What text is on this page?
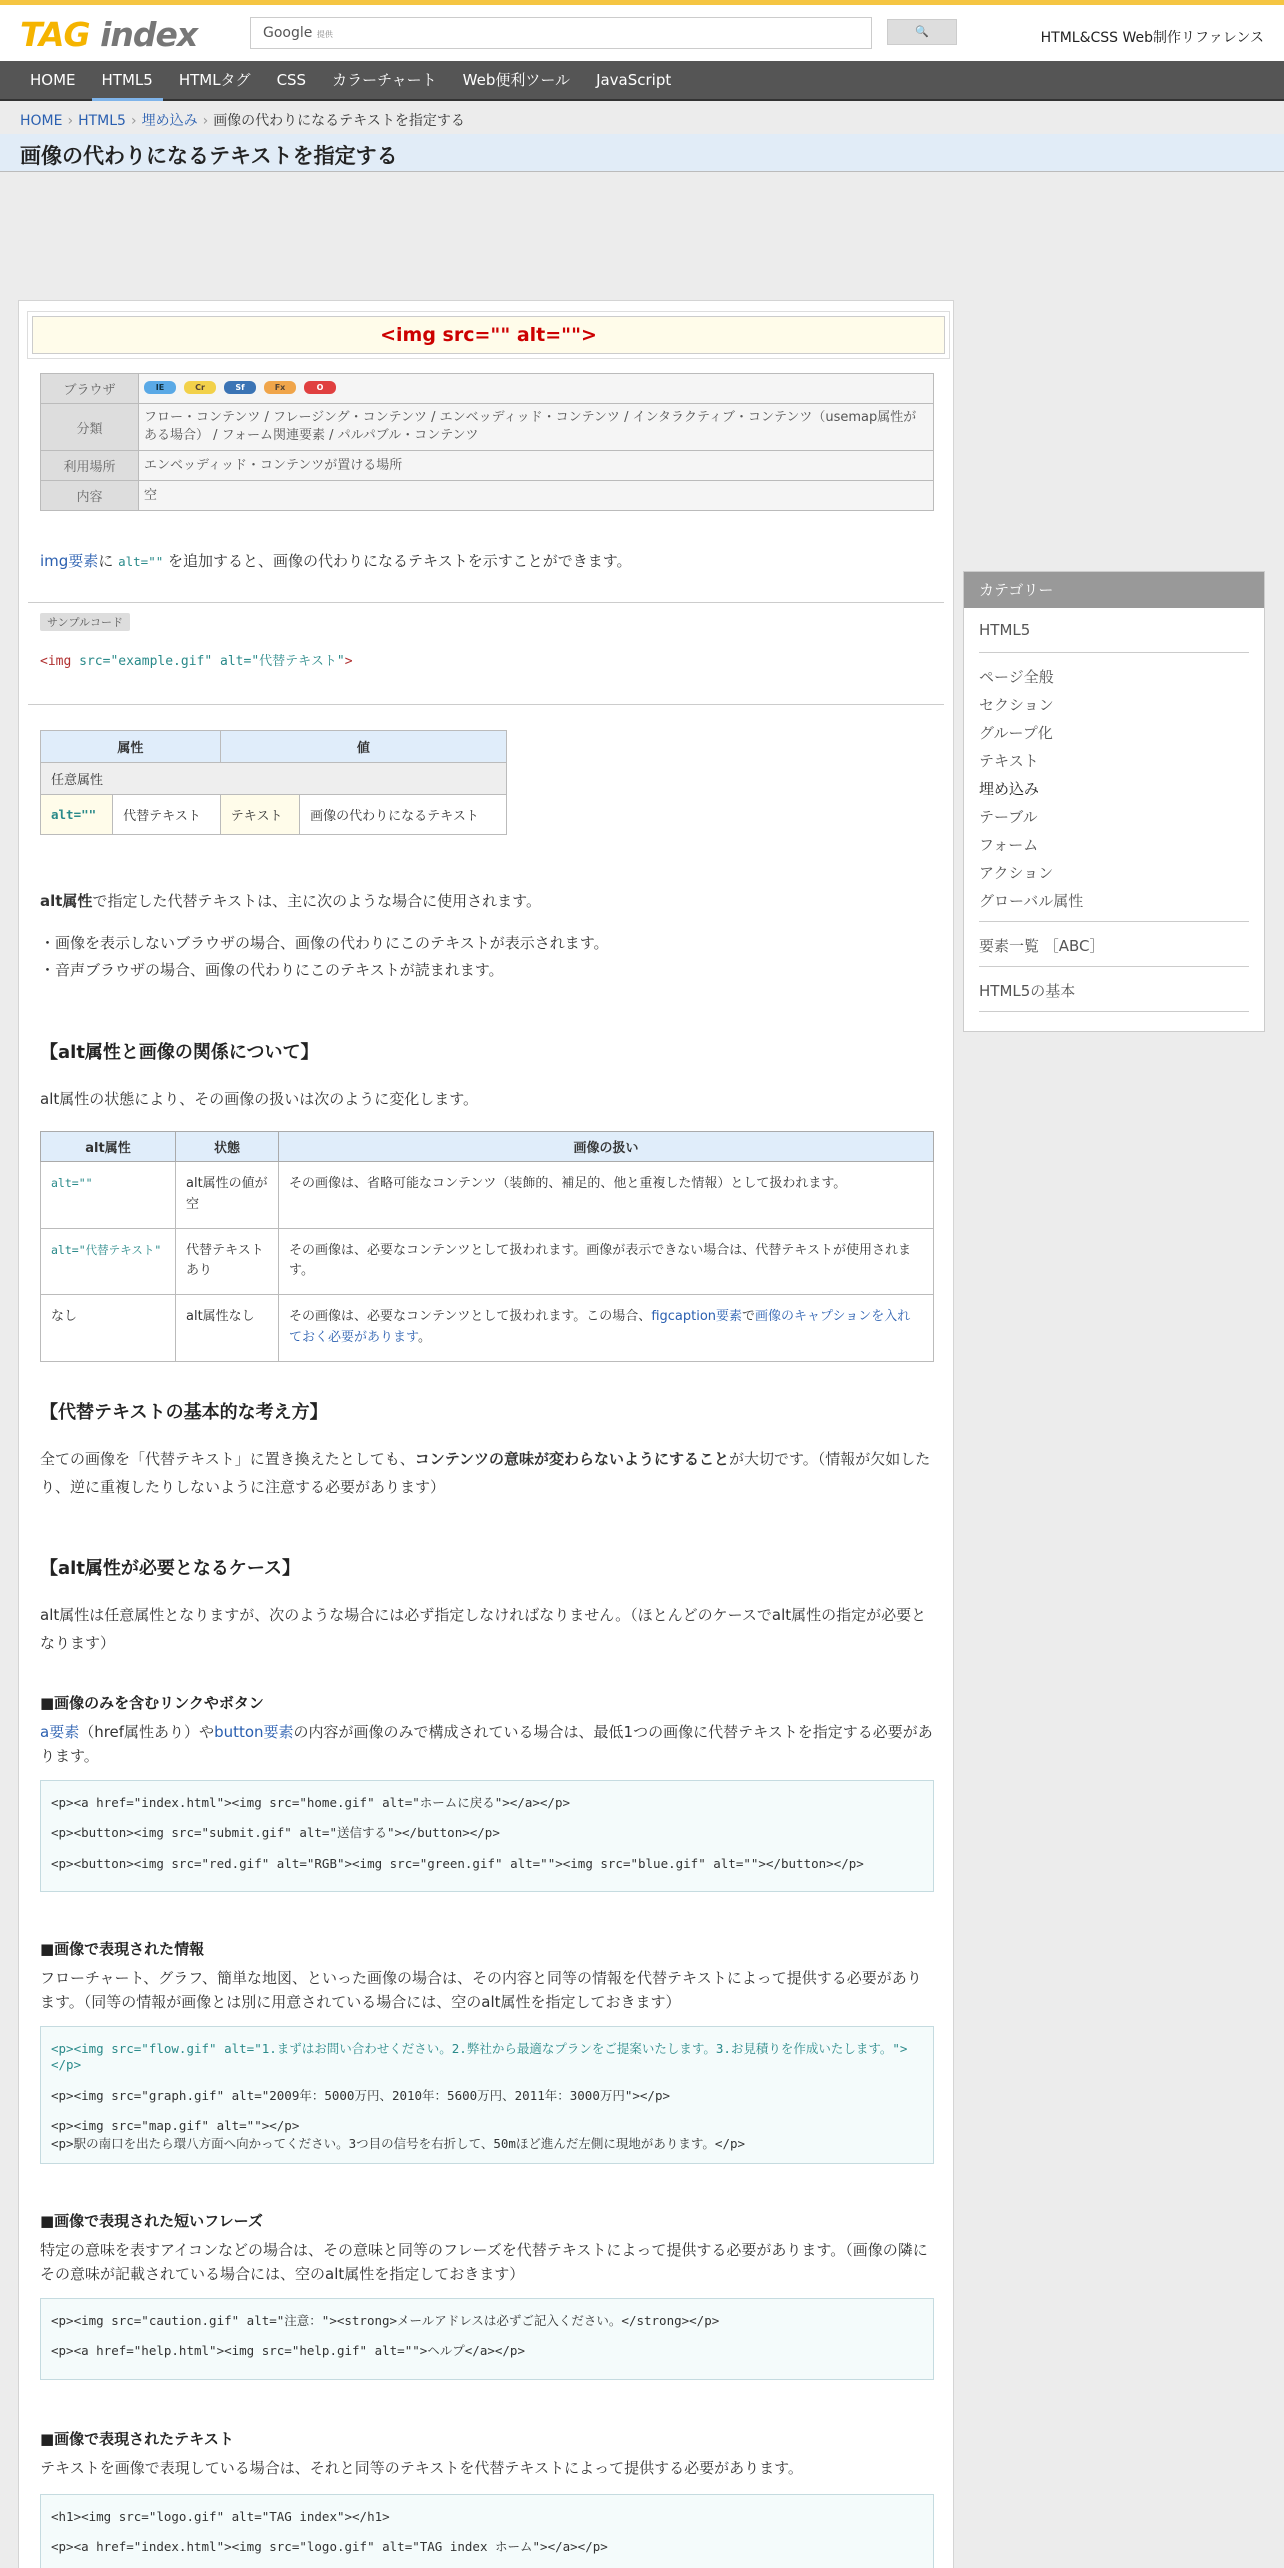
TAG index	Google 提供	🔍	HTML&CSS Web制作リファレンス
HOME	HTML5	HTMLタグ	CSS	カラーチャート	Web便利ツール	JavaScript
HOME › HTML5 › 埋め込み › 画像の代わりになるテキストを指定する
画像の代わりになるテキストを指定する
<img src="" alt="">
ブラウザ	IE Cr Sf Fx O
分類	フロー・コンテンツ / フレージング・コンテンツ / エンベッディッド・コンテンツ / インタラクティブ・コンテンツ（usemap属性がある場合） / フォーム関連要素 / パルパブル・コンテンツ
利用場所	エンベッディッド・コンテンツが置ける場所
内容	空
img要素に alt="" を追加すると、画像の代わりになるテキストを示すことができます。
サンプルコード
<img src="example.gif" alt="代替テキスト">
属性		値	
任意属性			
alt=""	代替テキスト	テキスト	画像の代わりになるテキスト
alt属性で指定した代替テキストは、主に次のような場合に使用されます。
・ 画像を表示しないブラウザの場合、画像の代わりにこのテキストが表示されます。
・ 音声ブラウザの場合、画像の代わりにこのテキストが読まれます。
【alt属性と画像の関係について】
alt属性の状態により、その画像の扱いは次のように変化します。
alt属性	状態	画像の扱い
alt=""	alt属性の値が空	その画像は、省略可能なコンテンツ（装飾的、補足的、他と重複した情報）として扱われます。
alt="代替テキスト"	代替テキストあり	その画像は、必要なコンテンツとして扱われます。画像が表示できない場合は、代替テキストが使用されます。
なし	alt属性なし	その画像は、必要なコンテンツとして扱われます。この場合、figcaption要素で画像のキャプションを入れておく必要があります。
【代替テキストの基本的な考え方】
全ての画像を「代替テキスト」に置き換えたとしても、コンテンツの意味が変わらないようにすることが大切です。（情報が欠如したり、逆に重複したりしないように注意する必要があります）
【alt属性が必要となるケース】
alt属性は任意属性となりますが、次のような場合には必ず指定しなければなりません。（ほとんどのケースでalt属性の指定が必要となります）
■画像のみを含むリンクやボタン
a要素（href属性あり）やbutton要素の内容が画像のみで構成されている場合は、最低1つの画像に代替テキストを指定する必要があります。
<p><a href="index.html"><img src="home.gif" alt="ホームに戻る"></a></p>
<p><button><img src="submit.gif" alt="送信する"></button></p>
<p><button><img src="red.gif" alt="RGB"><img src="green.gif" alt=""><img src="blue.gif" alt=""></button></p>
■画像で表現された情報
フローチャート、グラフ、簡単な地図、といった画像の場合は、その内容と同等の情報を代替テキストによって提供する必要があります。（同等の情報が画像とは別に用意されている場合には、空のalt属性を指定しておきます）
<p><img src="flow.gif" alt="1.まずはお問い合わせください。2.弊社から最適なプランをご提案いたします。3.お見積りを作成いたします。"></p>
<p><img src="graph.gif" alt="2009年：5000万円、2010年：5600万円、2011年：3000万円"></p>
<p><img src="map.gif" alt=""></p>
<p>駅の南口を出たら環八方面へ向かってください。3つ目の信号を右折して、50mほど進んだ左側に現地があります。</p>
■画像で表現された短いフレーズ
特定の意味を表すアイコンなどの場合は、その意味と同等のフレーズを代替テキストによって提供する必要があります。（画像の隣にその意味が記載されている場合には、空のalt属性を指定しておきます）
<p><img src="caution.gif" alt="注意："><strong>メールアドレスは必ずご記入ください。</strong></p>
<p><a href="help.html"><img src="help.gif" alt="">ヘルプ</a></p>
■画像で表現されたテキスト
テキストを画像で表現している場合は、それと同等のテキストを代替テキストによって提供する必要があります。
<h1><img src="logo.gif" alt="TAG index"></h1>
<p><a href="index.html"><img src="logo.gif" alt="TAG index ホーム"></a></p>
カテゴリー
HTML5
ページ全般
セクション
グループ化
テキスト
埋め込み
テーブル
フォーム
アクション
グローバル属性
要素一覧 ［ABC］
HTML5の基本
